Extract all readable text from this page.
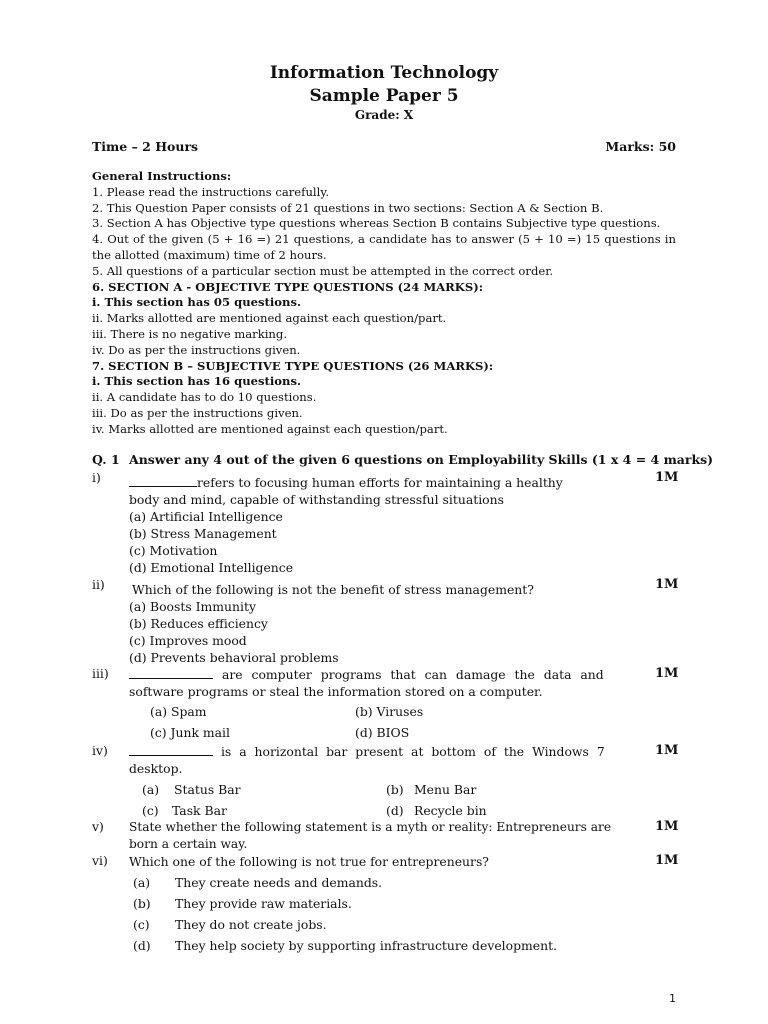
Information Technology
Sample Paper 5
Grade: X
Time – 2 Hours	Marks: 50
General Instructions:
1. Please read the instructions carefully.
2. This Question Paper consists of 21 questions in two sections: Section A & Section B.
3. Section A has Objective type questions whereas Section B contains Subjective type questions.
4. Out of the given (5 + 16 =) 21 questions, a candidate has to answer (5 + 10 =) 15 questions in the allotted (maximum) time of 2 hours.
5. All questions of a particular section must be attempted in the correct order.
6. SECTION A - OBJECTIVE TYPE QUESTIONS (24 MARKS):
i. This section has 05 questions.
ii. Marks allotted are mentioned against each question/part.
iii. There is no negative marking.
iv. Do as per the instructions given.
7. SECTION B – SUBJECTIVE TYPE QUESTIONS (26 MARKS):
i. This section has 16 questions.
ii. A candidate has to do 10 questions.
iii. Do as per the instructions given.
iv. Marks allotted are mentioned against each question/part.
Q. 1 Answer any 4 out of the given 6 questions on Employability Skills (1 x 4 = 4 marks)
i)	refers to focusing human efforts for maintaining a healthy
body and mind, capable of withstanding stressful situations
(a) Artificial Intelligence
(b) Stress Management
(c) Motivation
(d) Emotional Intelligence
1M
ii) Which of the following is not the benefit of stress management?
(a) Boosts Immunity
(b) Reduces efficiency
(c) Improves mood
(d) Prevents behavioral problems
1M
iii)	are computer programs that can damage the data and
software programs or steal the information stored on a computer.
(a) Spam	(b) Viruses
(c) Junk mail	(d) BIOS
1M
iv)	is a horizontal bar present at bottom of the Windows 7
desktop.
(a) Status Bar	(b) Menu Bar
(c) Task Bar	(d) Recycle bin
1M
v) State whether the following statement is a myth or reality: Entrepreneurs are
born a certain way.
1M
vi) Which one of the following is not true for entrepreneurs?
(a) They create needs and demands.
(b) They provide raw materials.
(c) They do not create jobs.
(d) They help society by supporting infrastructure development.
1M
1
